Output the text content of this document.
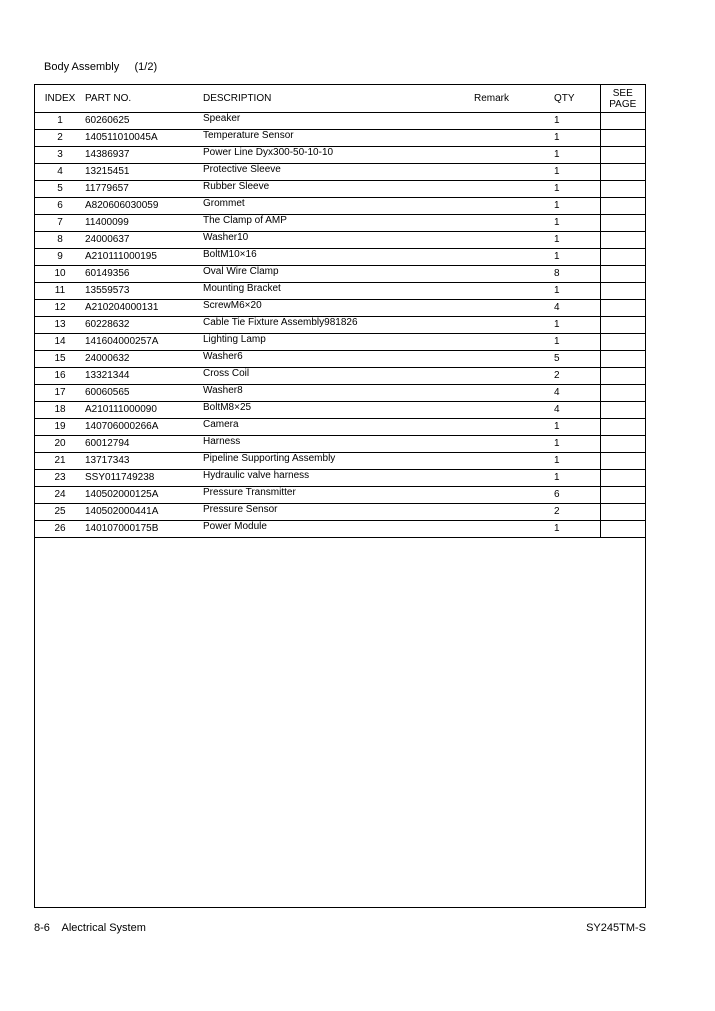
Body Assembly (1/2)
INDEX	PART NO.	DESCRIPTION	Remark	QTY	SEE
PAGE
1	60260625	Speaker		1	
2	140511010045A	Temperature Sensor		1	
3	14386937	Power Line Dyx300-50-10-10		1	
4	13215451	Protective Sleeve		1	
5	11779657	Rubber Sleeve		1	
6	A820606030059	Grommet		1	
7	11400099	The Clamp of AMP		1	
8	24000637	Washer10		1	
9	A210111000195	BoltM10×16		1	
10	60149356	Oval Wire Clamp		8	
11	13559573	Mounting Bracket		1	
12	A210204000131	ScrewM6×20		4	
13	60228632	Cable Tie Fixture Assembly981826		1	
14	141604000257A	Lighting Lamp		1	
15	24000632	Washer6		5	
16	13321344	Cross Coil		2	
17	60060565	Washer8		4	
18	A210111000090	BoltM8×25		4	
19	140706000266A	Camera		1	
20	60012794	Harness		1	
21	13717343	Pipeline Supporting Assembly		1	
23	SSY011749238	Hydraulic valve harness		1	
24	140502000125A	Pressure Transmitter		6	
25	140502000441A	Pressure Sensor		2	
26	140107000175B	Power Module		1	
8-6 Alectrical System	SY245TM-S
